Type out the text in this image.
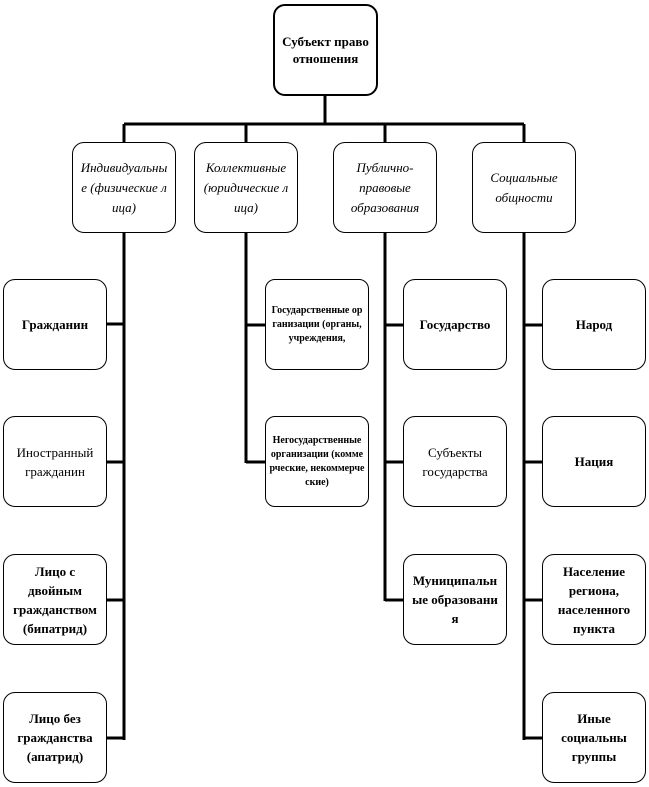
Субъект правоотношения
Индивидуальные (физические лица)
Коллективные (юридические лица)
Публично-правовые образования
Социальные общности
Гражданин
Иностранный гражданин
Лицо с двойным гражданством (бипатрид)
Лицо без гражданства (апатрид)
Государственные организации (органы, учреждения,
Негосударственные организации (коммерческие, некоммерческие)
Государство
Субъекты государства
Муниципальные образования
Народ
Нация
Население региона, населенного пункта
Иные социальны группы
